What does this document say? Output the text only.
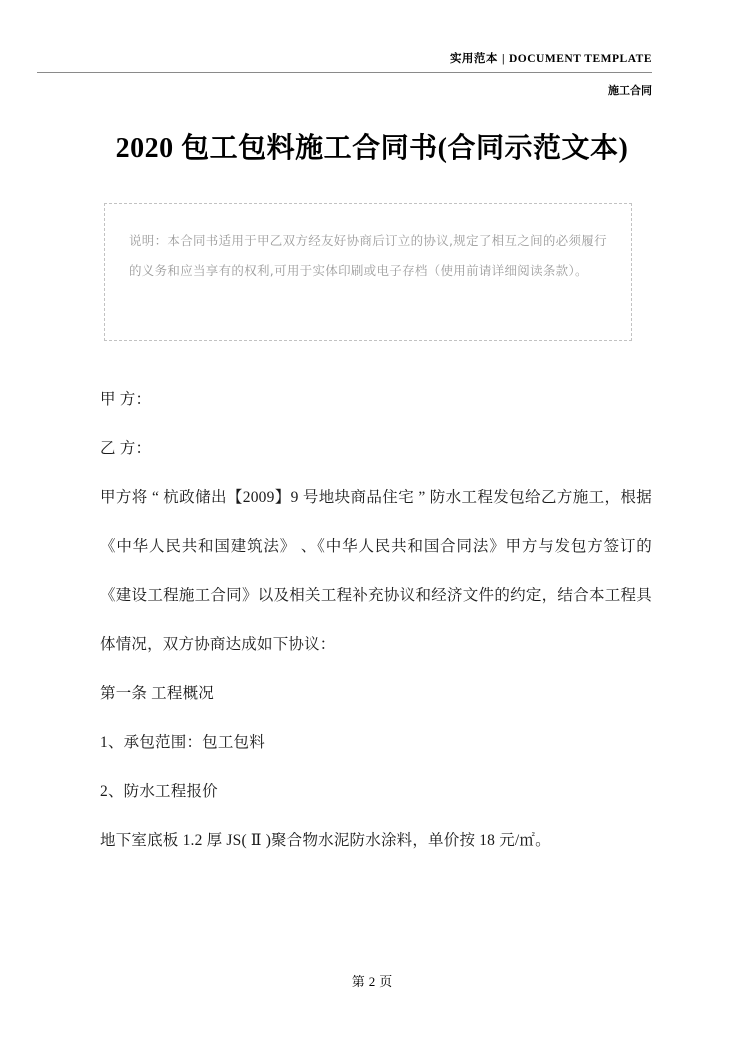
实用范本 | DOCUMENT TEMPLATE
施工合同
2020 包工包料施工合同书(合同示范文本)
说明：本合同书适用于甲乙双方经友好协商后订立的协议,规定了相互之间的必须履行的义务和应当享有的权利,可用于实体印刷或电子存档（使用前请详细阅读条款）。

甲 方：

乙 方：

甲方将 “ 杭政储出【2009】9 号地块商品住宅 ” 防水工程发包给乙方施工，根据《中华人民共和国建筑法》 、《中华人民共和国合同法》甲方与发包方签订的《建设工程施工合同》以及相关工程补充协议和经济文件的约定，结合本工程具体情况，双方协商达成如下协议：

第一条 工程概况

1、承包范围：包工包料

2、防水工程报价

地下室底板 1.2 厚 JS( Ⅱ )聚合物水泥防水涂料，单价按 18 元/㎡。

第 2 页
